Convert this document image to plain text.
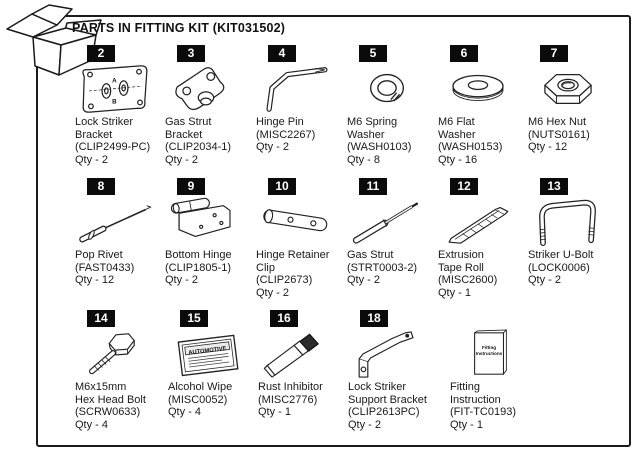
PARTS IN FITTING KIT (KIT031502)
2
A
B
Lock Striker
Bracket
(CLIP2499-PC)
Qty - 2
3
Gas Strut
Bracket
(CLIP2034-1)
Qty - 2
4
Hinge Pin
(MISC2267)
Qty - 2
5
M6 Spring
Washer
(WASH0103)
Qty - 8
6
M6 Flat
Washer
(WASH0153)
Qty - 16
7
M6 Hex Nut
(NUTS0161)
Qty - 12
8
Pop Rivet
(FAST0433)
Qty - 12
9
Bottom Hinge
(CLIP1805-1)
Qty - 2
10
Hinge Retainer
Clip
(CLIP2673)
Qty - 2
11
Gas Strut
(STRT0003-2)
Qty - 2
12
Extrusion
Tape Roll
(MISC2600)
Qty - 1
13
Striker U-Bolt
(LOCK0006)
Qty - 2
14
M6x15mm
Hex Head Bolt
(SCRW0633)
Qty - 4
15
AUTOMOTIVE
Alcohol Wipe
(MISC0052)
Qty - 4
16
Rust Inhibitor
(MISC2776)
Qty - 1
18
Lock Striker
Support Bracket
(CLIP2613PC)
Qty - 2
Fitting
Instructions
Fitting
Instruction
(FIT-TC0193)
Qty - 1
